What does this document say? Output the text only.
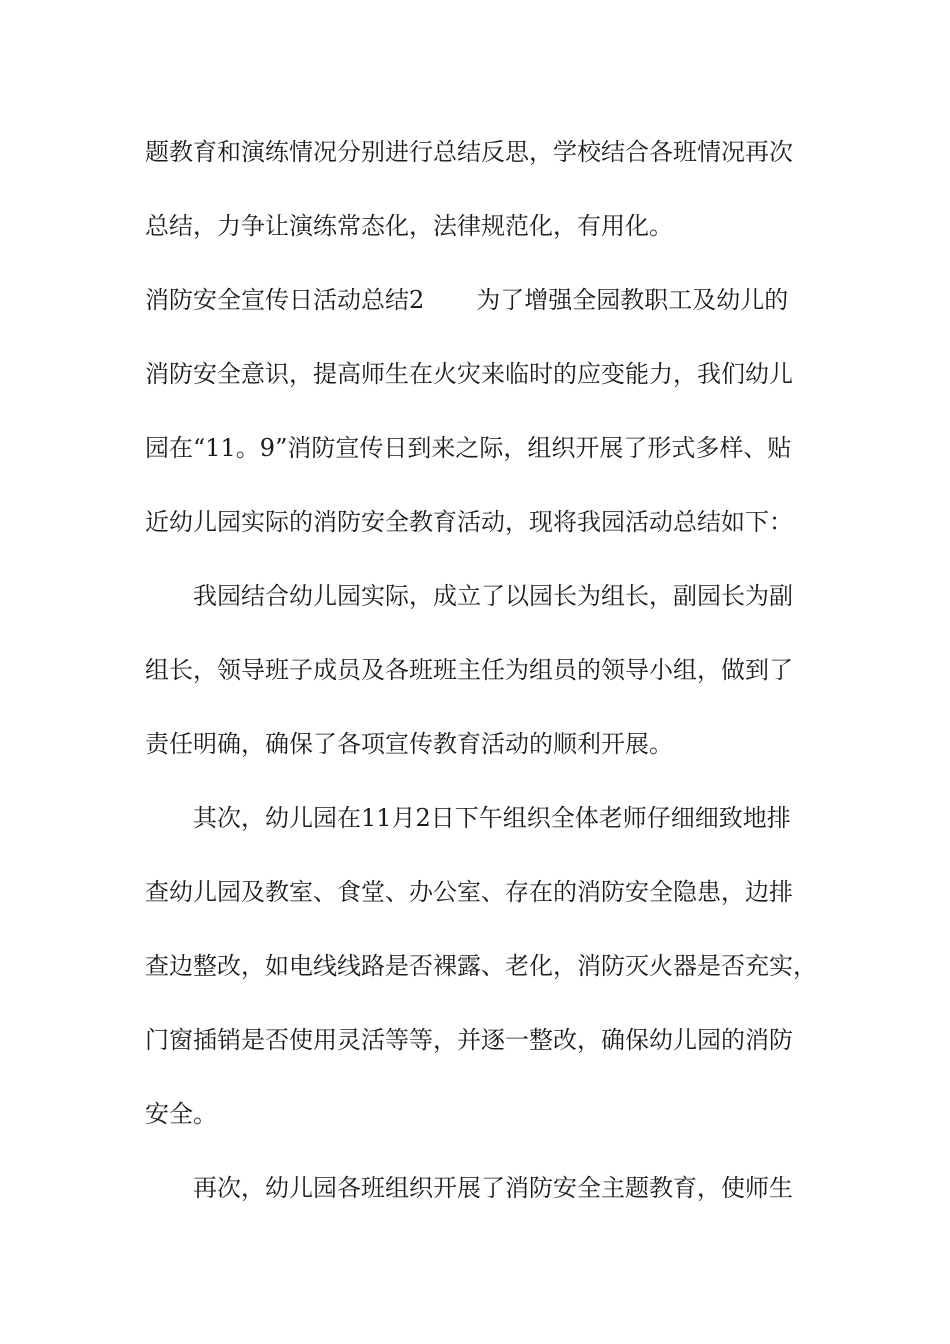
题教育和演练情况分别进行总结反思，学校结合各班情况再次
总结，力争让演练常态化，法律规范化，有用化。
消防安全宣传日活动总结2 为了增强全园教职工及幼儿的
消防安全意识，提高师生在火灾来临时的应变能力，我们幼儿
园在“11。9”消防宣传日到来之际，组织开展了形式多样、贴
近幼儿园实际的消防安全教育活动，现将我园活动总结如下：
我园结合幼儿园实际，成立了以园长为组长，副园长为副
组长，领导班子成员及各班班主任为组员的领导小组，做到了
责任明确，确保了各项宣传教育活动的顺利开展。
其次，幼儿园在11月2日下午组织全体老师仔细细致地排
查幼儿园及教室、食堂、办公室、存在的消防安全隐患，边排
查边整改，如电线线路是否裸露、老化，消防灭火器是否充实，
门窗插销是否使用灵活等等，并逐一整改，确保幼儿园的消防
安全。
再次，幼儿园各班组织开展了消防安全主题教育，使师生
